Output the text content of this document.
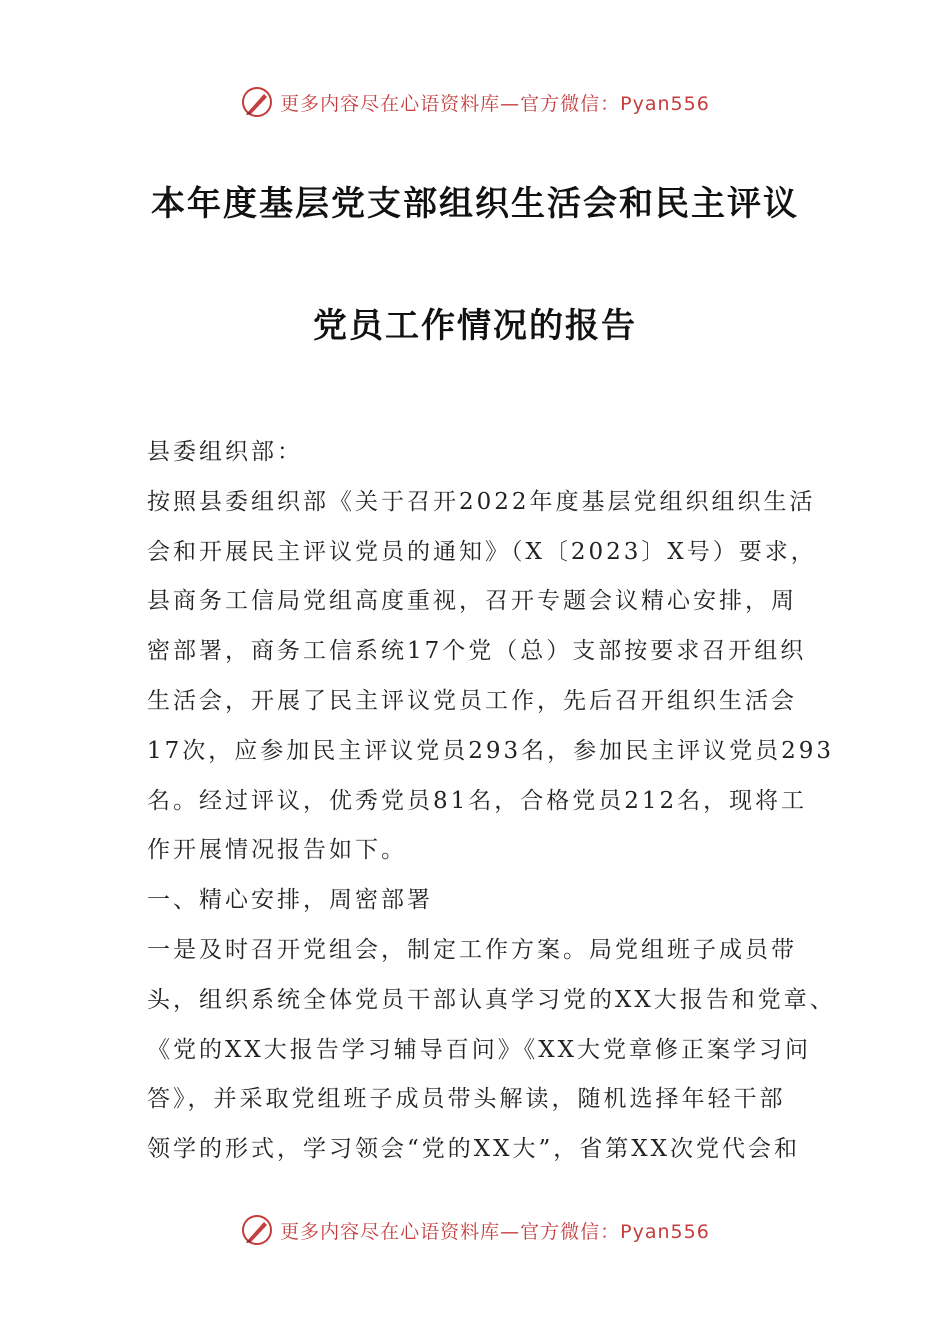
更多内容尽在心语资料库—官方微信：Pyan556
本年度基层党支部组织生活会和民主评议
党员工作情况的报告
县委组织部：
按照县委组织部《关于召开2022年度基层党组织组织生活
会和开展民主评议党员的通知》（X〔2023〕X号）要求，
县商务工信局党组高度重视，召开专题会议精心安排，周
密部署，商务工信系统17个党（总）支部按要求召开组织
生活会，开展了民主评议党员工作，先后召开组织生活会
17次，应参加民主评议党员293名，参加民主评议党员293
名。经过评议，优秀党员81名，合格党员212名，现将工
作开展情况报告如下。
一、精心安排，周密部署
一是及时召开党组会，制定工作方案。局党组班子成员带
头，组织系统全体党员干部认真学习党的XX大报告和党章、
《党的XX大报告学习辅导百问》《XX大党章修正案学习问
答》，并采取党组班子成员带头解读，随机选择年轻干部
领学的形式，学习领会“党的XX大”，省第XX次党代会和
更多内容尽在心语资料库—官方微信：Pyan556
